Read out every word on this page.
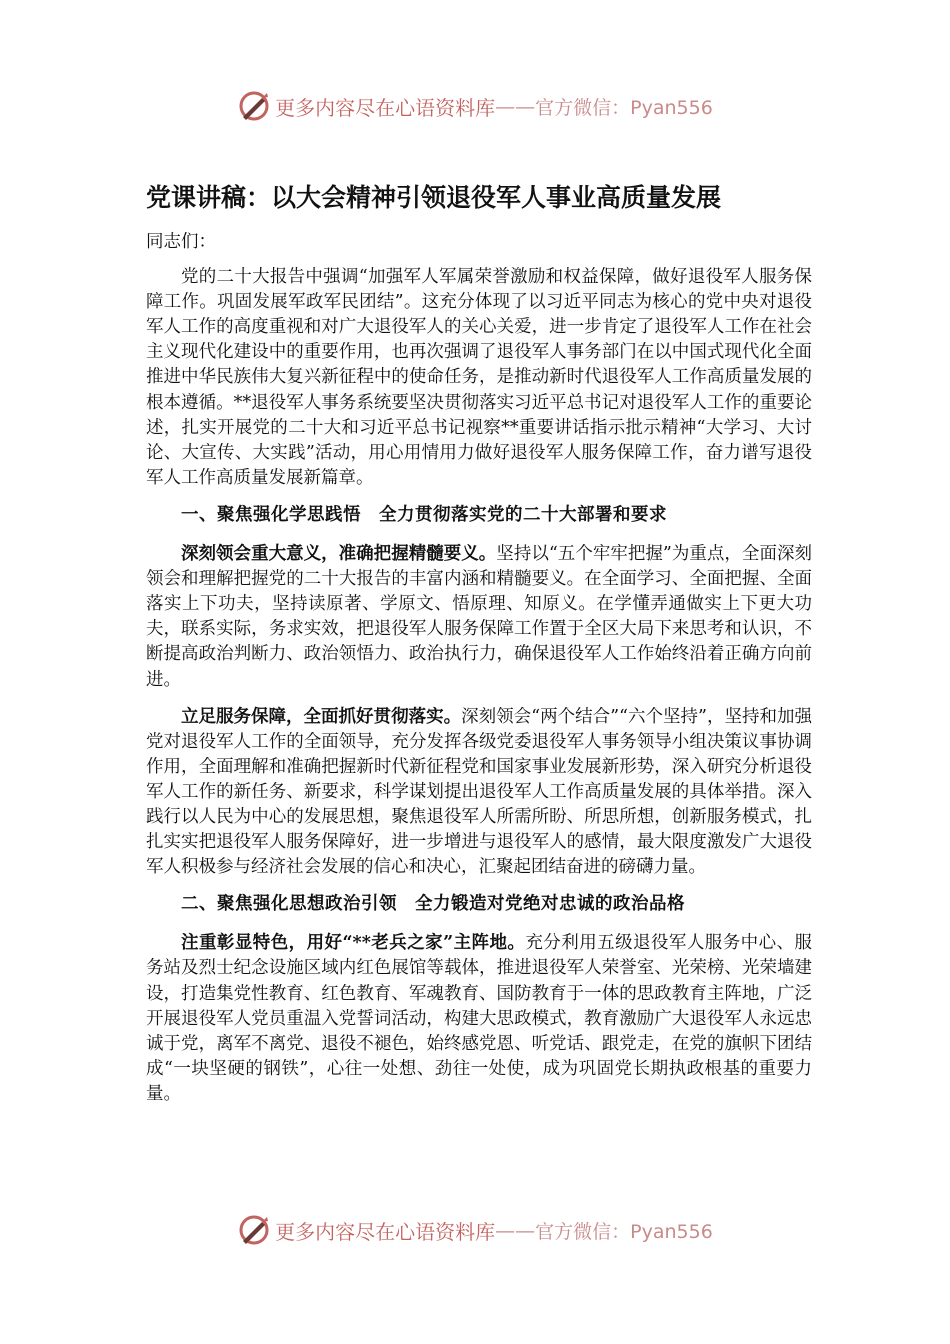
更多内容尽在心语资料库 —— 官方微信：Pyan556
党课讲稿：以大会精神引领退役军人事业高质量发展

同志们：

党的二十大报告中强调“加强军人军属荣誉激励和权益保障，做好退役军人服务保障工作。巩固发展军政军民团结”。这充分体现了以习近平同志为核心的党中央对退役军人工作的高度重视和对广大退役军人的关心关爱，进一步肯定了退役军人工作在社会主义现代化建设中的重要作用，也再次强调了退役军人事务部门在以中国式现代化全面推进中华民族伟大复兴新征程中的使命任务，是推动新时代退役军人工作高质量发展的根本遵循。**退役军人事务系统要坚决贯彻落实习近平总书记对退役军人工作的重要论述，扎实开展党的二十大和习近平总书记视察**重要讲话指示批示精神“大学习、大讨论、大宣传、大实践”活动，用心用情用力做好退役军人服务保障工作，奋力谱写退役军人工作高质量发展新篇章。

一、聚焦强化学思践悟　全力贯彻落实党的二十大部署和要求

深刻领会重大意义，准确把握精髓要义。坚持以“五个牢牢把握”为重点，全面深刻领会和理解把握党的二十大报告的丰富内涵和精髓要义。在全面学习、全面把握、全面落实上下功夫，坚持读原著、学原文、悟原理、知原义。在学懂弄通做实上下更大功夫，联系实际，务求实效，把退役军人服务保障工作置于全区大局下来思考和认识，不断提高政治判断力、政治领悟力、政治执行力，确保退役军人工作始终沿着正确方向前进。

立足服务保障，全面抓好贯彻落实。深刻领会“两个结合”“六个坚持”，坚持和加强党对退役军人工作的全面领导，充分发挥各级党委退役军人事务领导小组决策议事协调作用，全面理解和准确把握新时代新征程党和国家事业发展新形势，深入研究分析退役军人工作的新任务、新要求，科学谋划提出退役军人工作高质量发展的具体举措。深入践行以人民为中心的发展思想，聚焦退役军人所需所盼、所思所想，创新服务模式，扎扎实实把退役军人服务保障好，进一步增进与退役军人的感情，最大限度激发广大退役军人积极参与经济社会发展的信心和决心，汇聚起团结奋进的磅礴力量。

二、聚焦强化思想政治引领　全力锻造对党绝对忠诚的政治品格

注重彰显特色，用好“**老兵之家”主阵地。充分利用五级退役军人服务中心、服务站及烈士纪念设施区域内红色展馆等载体，推进退役军人荣誉室、光荣榜、光荣墙建设，打造集党性教育、红色教育、军魂教育、国防教育于一体的思政教育主阵地，广泛开展退役军人党员重温入党誓词活动，构建大思政模式，教育激励广大退役军人永远忠诚于党，离军不离党、退役不褪色，始终感党恩、听党话、跟党走，在党的旗帜下团结成“一块坚硬的钢铁”，心往一处想、劲往一处使，成为巩固党长期执政根基的重要力量。

更多内容尽在心语资料库 —— 官方微信：Pyan556
